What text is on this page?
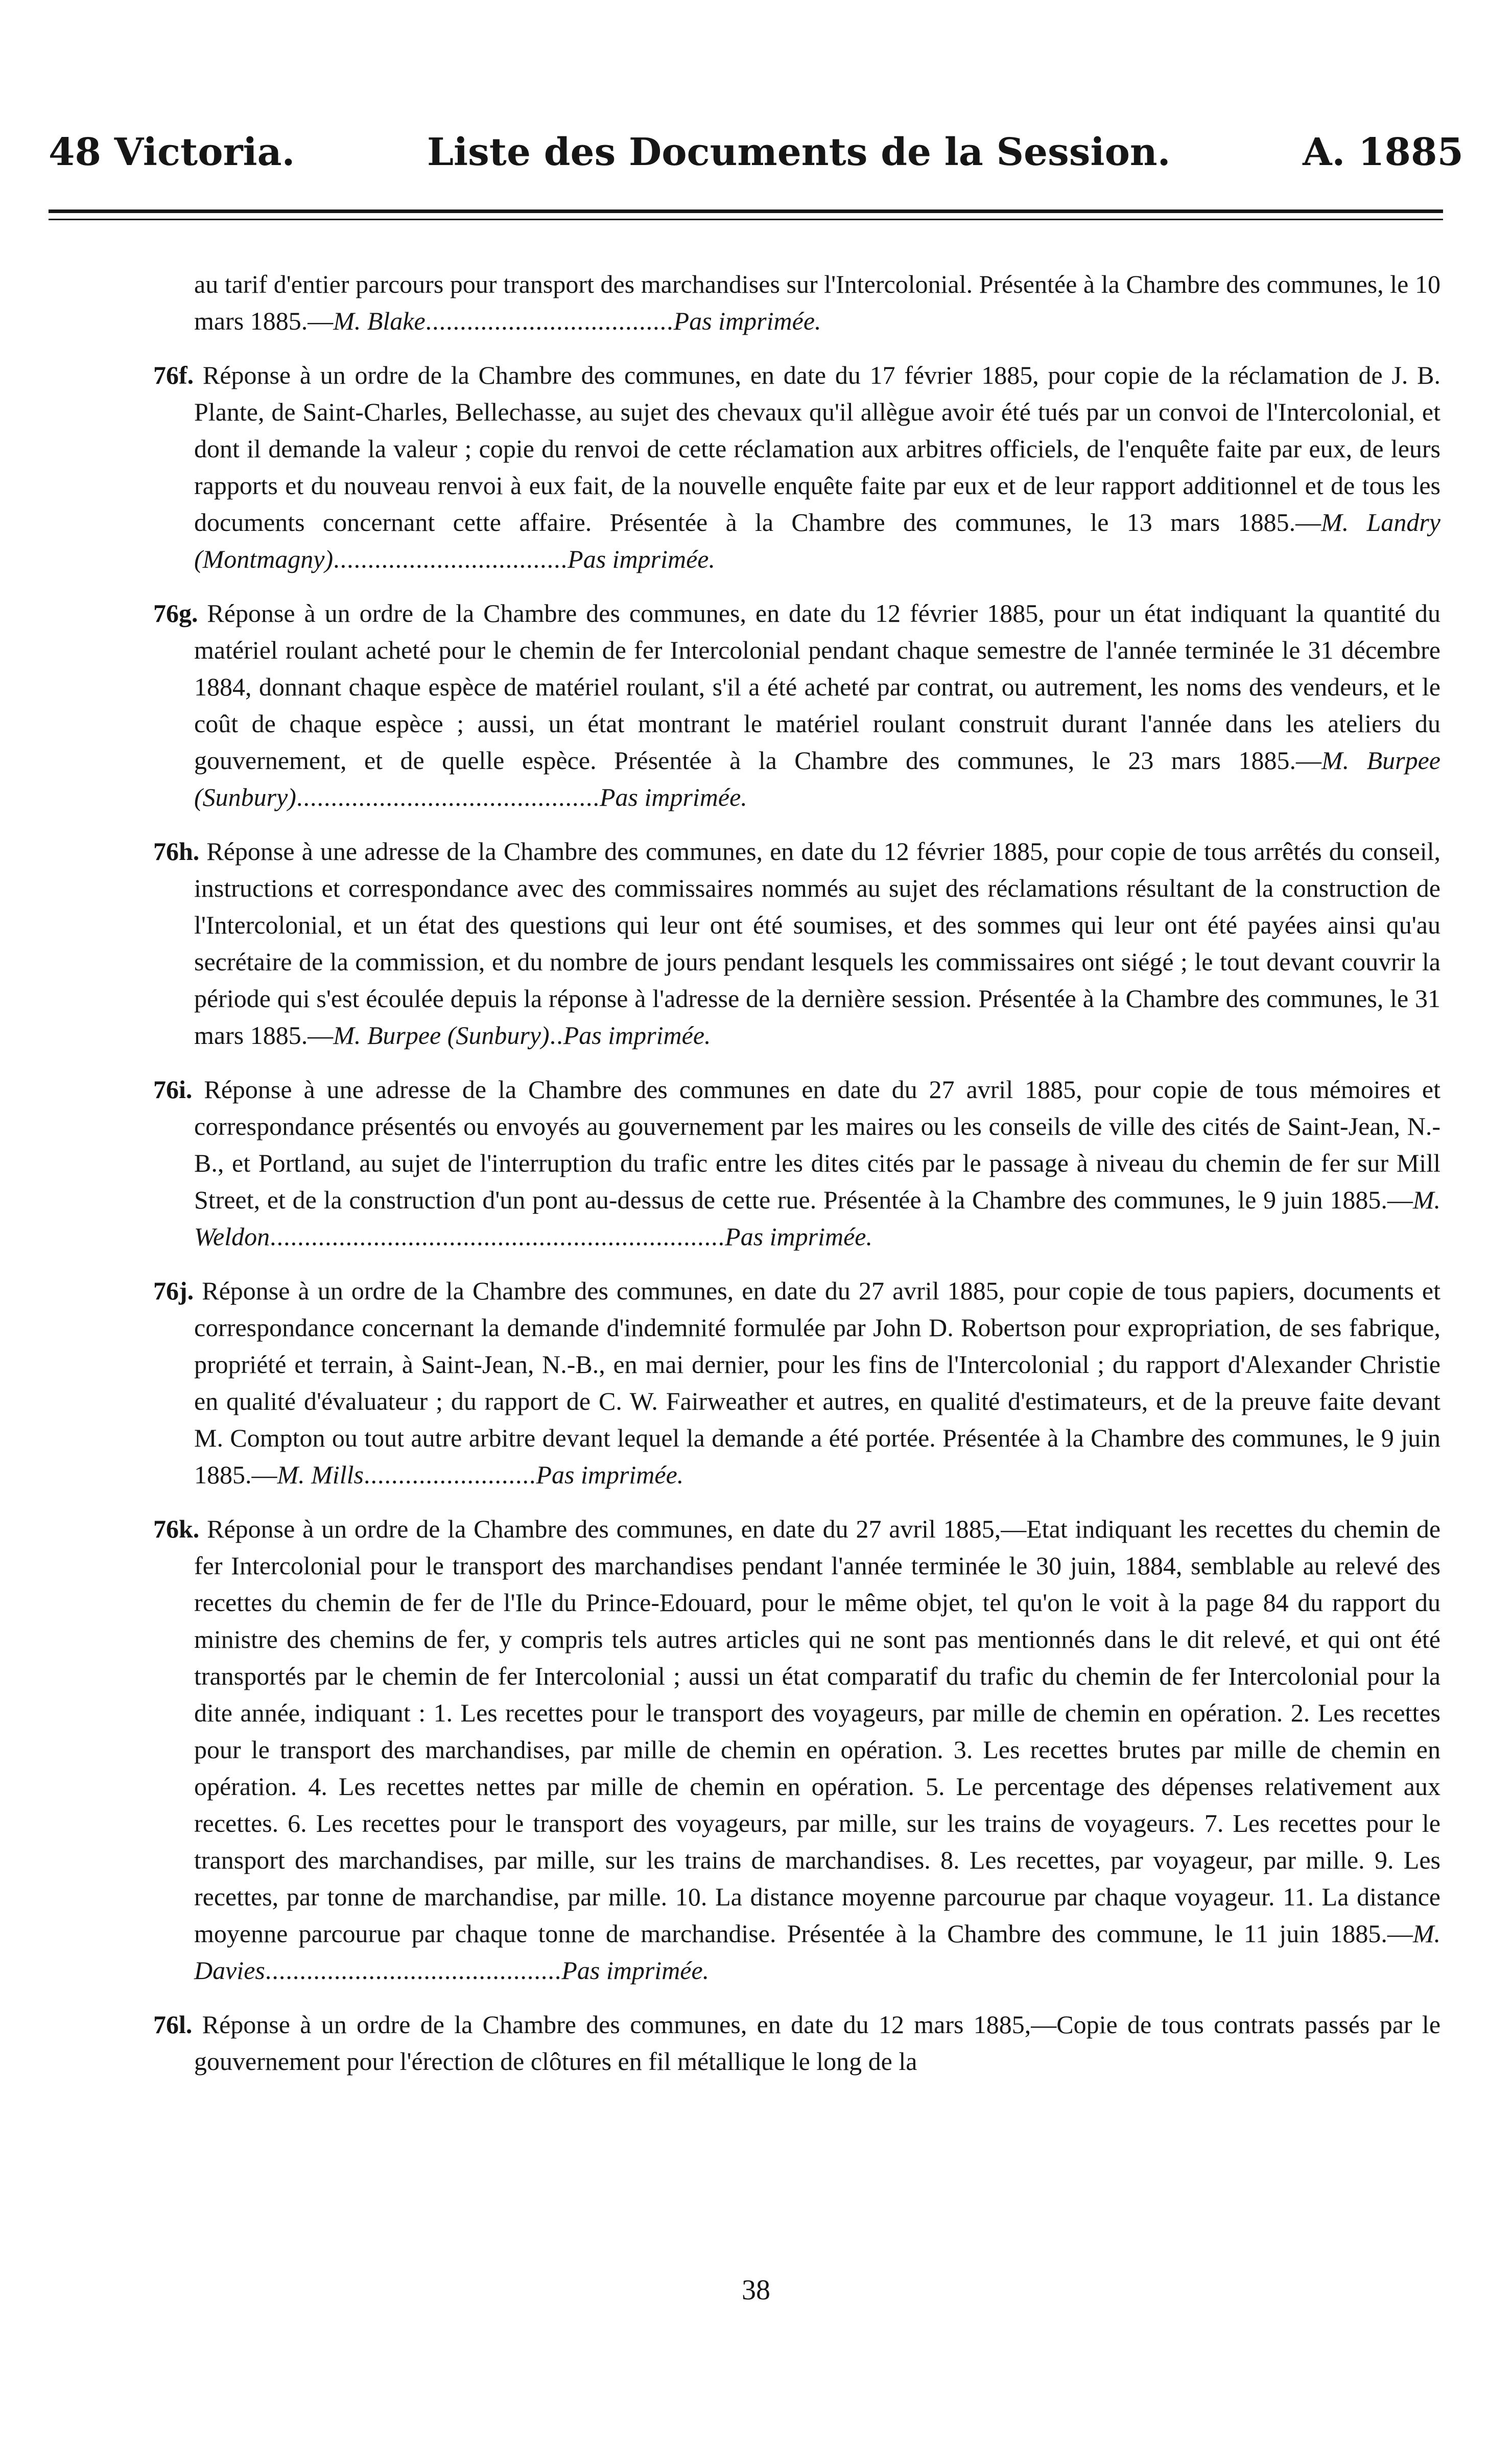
48 Victoria.	Liste des Documents de la Session.	A. 1885

au tarif d'entier parcours pour transport des marchandises sur l'Intercolonial. Présentée à la Chambre des communes, le 10 mars 1885.—M. Blake....................................Pas imprimée.

76f. Réponse à un ordre de la Chambre des communes, en date du 17 février 1885, pour copie de la réclamation de J. B. Plante, de Saint-Charles, Bellechasse, au sujet des chevaux qu'il allègue avoir été tués par un convoi de l'Intercolonial, et dont il demande la valeur ; copie du renvoi de cette réclamation aux arbitres officiels, de l'enquête faite par eux, de leurs rapports et du nouveau renvoi à eux fait, de la nouvelle enquête faite par eux et de leur rapport additionnel et de tous les documents concernant cette affaire. Présentée à la Chambre des communes, le 13 mars 1885.—M. Landry (Montmagny)..................................Pas imprimée.

76g. Réponse à un ordre de la Chambre des communes, en date du 12 février 1885, pour un état indiquant la quantité du matériel roulant acheté pour le chemin de fer Intercolonial pendant chaque semestre de l'année terminée le 31 décembre 1884, donnant chaque espèce de matériel roulant, s'il a été acheté par contrat, ou autrement, les noms des vendeurs, et le coût de chaque espèce ; aussi, un état montrant le matériel roulant construit durant l'année dans les ateliers du gouvernement, et de quelle espèce. Présentée à la Chambre des communes, le 23 mars 1885.—M. Burpee (Sunbury)............................................Pas imprimée.

76h. Réponse à une adresse de la Chambre des communes, en date du 12 février 1885, pour copie de tous arrêtés du conseil, instructions et correspondance avec des commissaires nommés au sujet des réclamations résultant de la construction de l'Intercolonial, et un état des questions qui leur ont été soumises, et des sommes qui leur ont été payées ainsi qu'au secrétaire de la commission, et du nombre de jours pendant lesquels les commissaires ont siégé ; le tout devant couvrir la période qui s'est écoulée depuis la réponse à l'adresse de la dernière session. Présentée à la Chambre des communes, le 31 mars 1885.—M. Burpee (Sunbury)..Pas imprimée.

76i. Réponse à une adresse de la Chambre des communes en date du 27 avril 1885, pour copie de tous mémoires et correspondance présentés ou envoyés au gouvernement par les maires ou les conseils de ville des cités de Saint-Jean, N.-B., et Portland, au sujet de l'interruption du trafic entre les dites cités par le passage à niveau du chemin de fer sur Mill Street, et de la construction d'un pont au-dessus de cette rue. Présentée à la Chambre des communes, le 9 juin 1885.—M. Weldon..................................................................Pas imprimée.

76j. Réponse à un ordre de la Chambre des communes, en date du 27 avril 1885, pour copie de tous papiers, documents et correspondance concernant la demande d'indemnité formulée par John D. Robertson pour expropriation, de ses fabrique, propriété et terrain, à Saint-Jean, N.-B., en mai dernier, pour les fins de l'Intercolonial ; du rapport d'Alexander Christie en qualité d'évaluateur ; du rapport de C. W. Fairweather et autres, en qualité d'estimateurs, et de la preuve faite devant M. Compton ou tout autre arbitre devant lequel la demande a été portée. Présentée à la Chambre des communes, le 9 juin 1885.—M. Mills.........................Pas imprimée.

76k. Réponse à un ordre de la Chambre des communes, en date du 27 avril 1885,—Etat indiquant les recettes du chemin de fer Intercolonial pour le transport des marchandises pendant l'année terminée le 30 juin, 1884, semblable au relevé des recettes du chemin de fer de l'Ile du Prince-Edouard, pour le même objet, tel qu'on le voit à la page 84 du rapport du ministre des chemins de fer, y compris tels autres articles qui ne sont pas mentionnés dans le dit relevé, et qui ont été transportés par le chemin de fer Intercolonial ; aussi un état comparatif du trafic du chemin de fer Intercolonial pour la dite année, indiquant : 1. Les recettes pour le transport des voyageurs, par mille de chemin en opération. 2. Les recettes pour le transport des marchandises, par mille de chemin en opération. 3. Les recettes brutes par mille de chemin en opération. 4. Les recettes nettes par mille de chemin en opération. 5. Le percentage des dépenses relativement aux recettes. 6. Les recettes pour le transport des voyageurs, par mille, sur les trains de voyageurs. 7. Les recettes pour le transport des marchandises, par mille, sur les trains de marchandises. 8. Les recettes, par voyageur, par mille. 9. Les recettes, par tonne de marchandise, par mille. 10. La distance moyenne parcourue par chaque voyageur. 11. La distance moyenne parcourue par chaque tonne de marchandise. Présentée à la Chambre des commune, le 11 juin 1885.—M. Davies...........................................Pas imprimée.

76l. Réponse à un ordre de la Chambre des communes, en date du 12 mars 1885,—Copie de tous contrats passés par le gouvernement pour l'érection de clôtures en fil métallique le long de la

38
